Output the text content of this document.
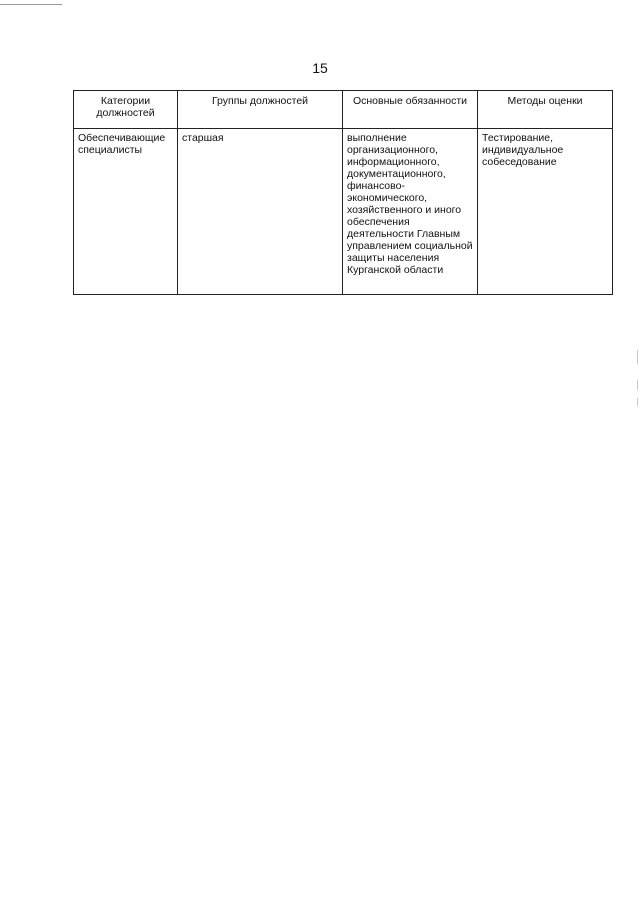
15
Категории должностей	Группы должностей	Основные обязанности	Методы оценки
Обеспечивающие специалисты	старшая	выполнение организационного, информационного, документационного, финансово-экономического, хозяйственного и иного обеспечения деятельности Главным управлением социальной защиты населения Курганской области	Тестирование, индивидуальное собеседование
